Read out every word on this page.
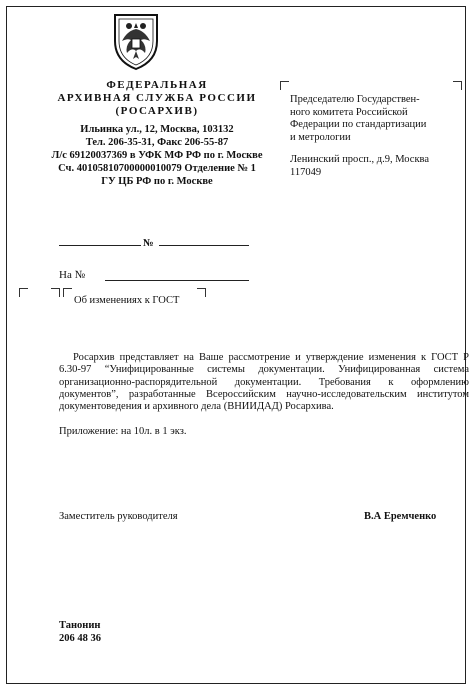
ФЕДЕРАЛЬНАЯ
АРХИВНАЯ СЛУЖБА РОССИИ
(РОСАРХИВ)
Ильинка ул., 12, Москва, 103132
Тел. 206-35-31, Факс 206-55-87
Л/с 69120037369 в УФК МФ РФ по г. Москве
Сч. 40105810700000010079 Отделение № 1
ГУ ЦБ РФ по г. Москве
Председателю Государствен-
ного комитета Российской
Федерации по стандартизации
и метрологии
Ленинский просп., д.9, Москва
117049
№
На №
Об изменениях к ГОСТ
Росархив представляет на Ваше рассмотрение и утверждение изменения к ГОСТ Р 6.30-97 “Унифицированные системы документации. Унифицированная система организационно-распорядительной документации. Требования к оформлению документов”, разработанные Всероссийским научно-исследовательским институтом документоведения и архивного дела (ВНИИДАД) Росархива.
Приложение: на 10л. в 1 экз.
Заместитель руководителя	В.А Еремченко
Танонин
206 48 36
